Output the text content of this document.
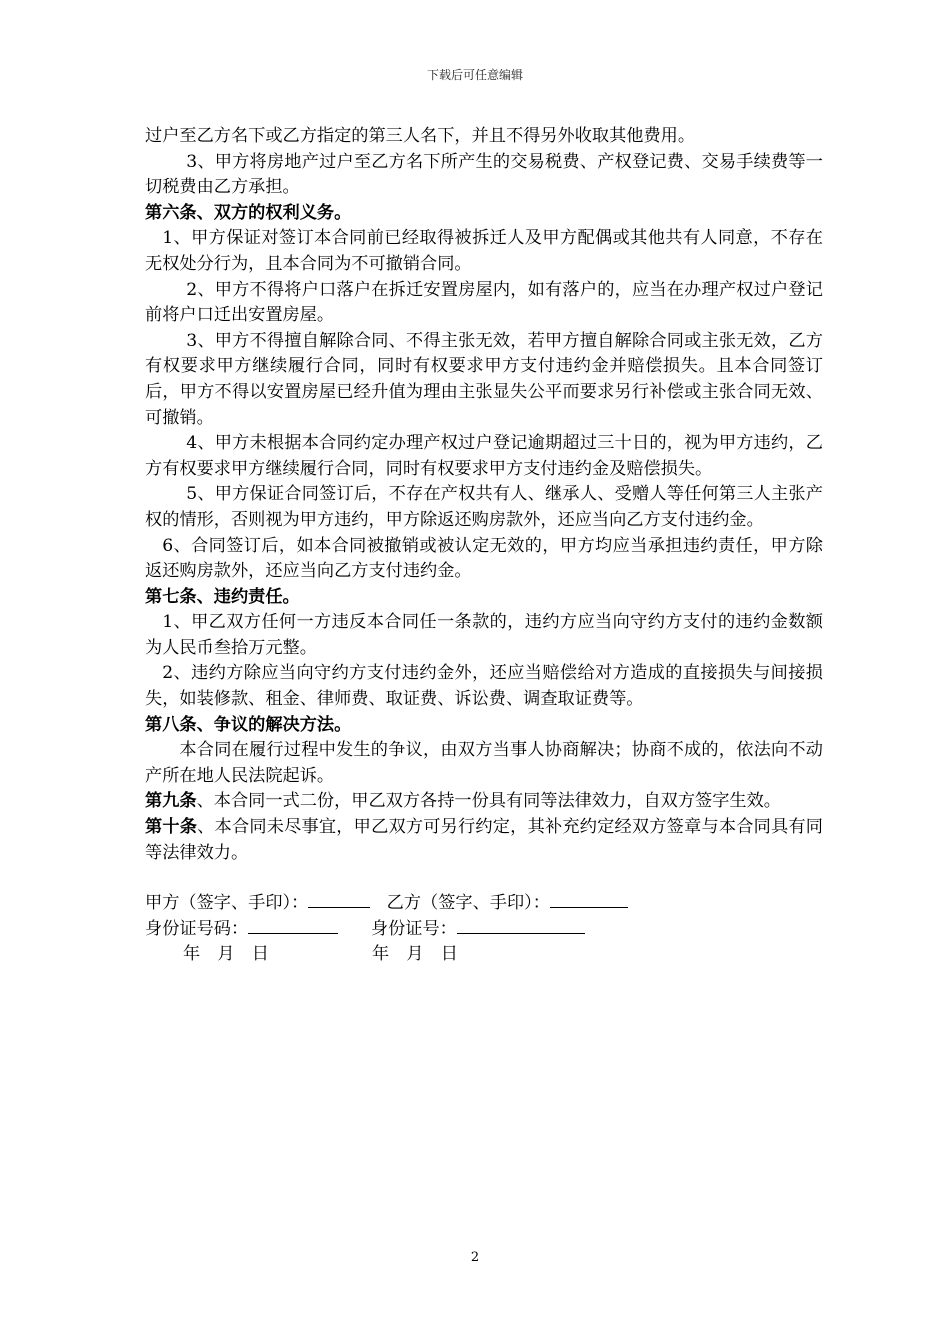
下载后可任意编辑

过户至乙方名下或乙方指定的第三人名下，并且不得另外收取其他费用。

3、甲方将房地产过户至乙方名下所产生的交易税费、产权登记费、交易手续费等一切税费由乙方承担。

第六条、双方的权利义务。

1、甲方保证对签订本合同前已经取得被拆迁人及甲方配偶或其他共有人同意，不存在无权处分行为，且本合同为不可撤销合同。

2、甲方不得将户口落户在拆迁安置房屋内，如有落户的，应当在办理产权过户登记前将户口迁出安置房屋。

3、甲方不得擅自解除合同、不得主张无效，若甲方擅自解除合同或主张无效，乙方有权要求甲方继续履行合同，同时有权要求甲方支付违约金并赔偿损失。且本合同签订后，甲方不得以安置房屋已经升值为理由主张显失公平而要求另行补偿或主张合同无效、可撤销。

4、甲方未根据本合同约定办理产权过户登记逾期超过三十日的，视为甲方违约，乙方有权要求甲方继续履行合同，同时有权要求甲方支付违约金及赔偿损失。

5、甲方保证合同签订后，不存在产权共有人、继承人、受赠人等任何第三人主张产权的情形，否则视为甲方违约，甲方除返还购房款外，还应当向乙方支付违约金。

6、合同签订后，如本合同被撤销或被认定无效的，甲方均应当承担违约责任，甲方除返还购房款外，还应当向乙方支付违约金。

第七条、违约责任。

1、甲乙双方任何一方违反本合同任一条款的，违约方应当向守约方支付的违约金数额为人民币叁拾万元整。

2、违约方除应当向守约方支付违约金外，还应当赔偿给对方造成的直接损失与间接损失，如装修款、租金、律师费、取证费、诉讼费、调查取证费等。

第八条、争议的解决方法。

本合同在履行过程中发生的争议，由双方当事人协商解决；协商不成的，依法向不动产所在地人民法院起诉。

第九条、本合同一式二份，甲乙双方各持一份具有同等法律效力，自双方签字生效。

第十条、本合同未尽事宜，甲乙双方可另行约定，其补充约定经双方签章与本合同具有同等法律效力。

甲方（签字、手印）：	乙方（签字、手印）：

身份证号码：	身份证号：

年　月　日	年　月　日

2
